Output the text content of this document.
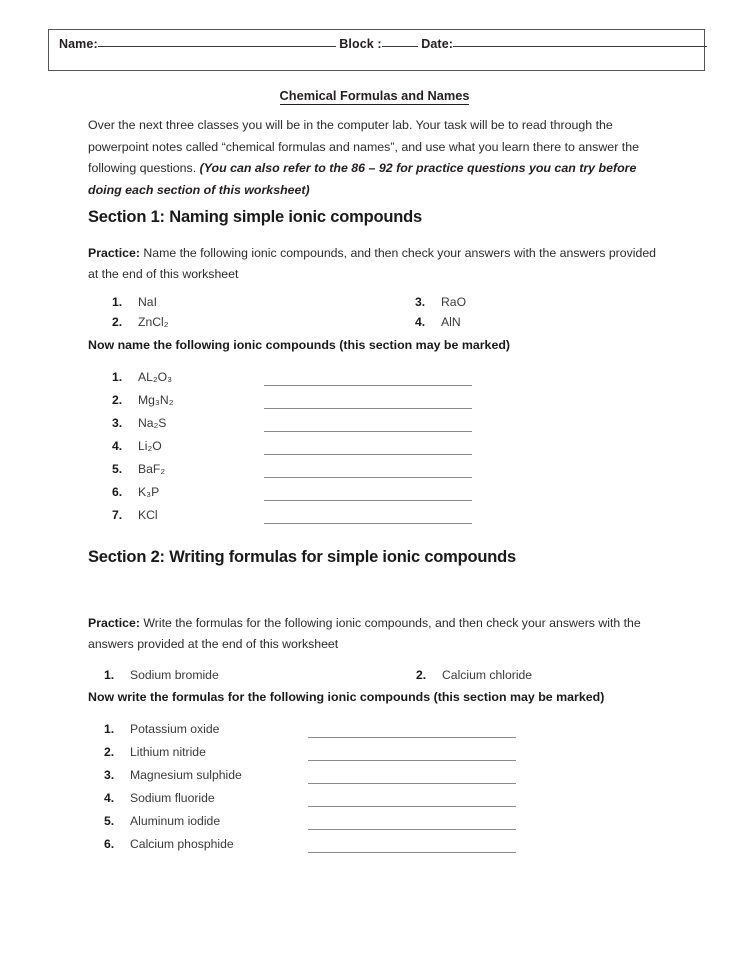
Name:	Block :	Date:
Chemical Formulas and Names
Over the next three classes you will be in the computer lab. Your task will be to read through the powerpoint notes called “chemical formulas and names”, and use what you learn there to answer the following questions. (You can also refer to the 86 – 92 for practice questions you can try before doing each section of this worksheet)
Section 1: Naming simple ionic compounds
Practice: Name the following ionic compounds, and then check your answers with the answers provided at the end of this worksheet
1. NaI
2. ZnCl₂
3. RaO
4. AlN
Now name the following ionic compounds (this section may be marked)
1. AL₂O₃
2. Mg₃N₂
3. Na₂S
4. Li₂O
5. BaF₂
6. K₃P
7. KCl
Section 2: Writing formulas for simple ionic compounds
Practice: Write the formulas for the following ionic compounds, and then check your answers with the answers provided at the end of this worksheet
1. Sodium bromide	2. Calcium chloride
Now write the formulas for the following ionic compounds (this section may be marked)
1. Potassium oxide
2. Lithium nitride
3. Magnesium sulphide
4. Sodium fluoride
5. Aluminum iodide
6. Calcium phosphide
